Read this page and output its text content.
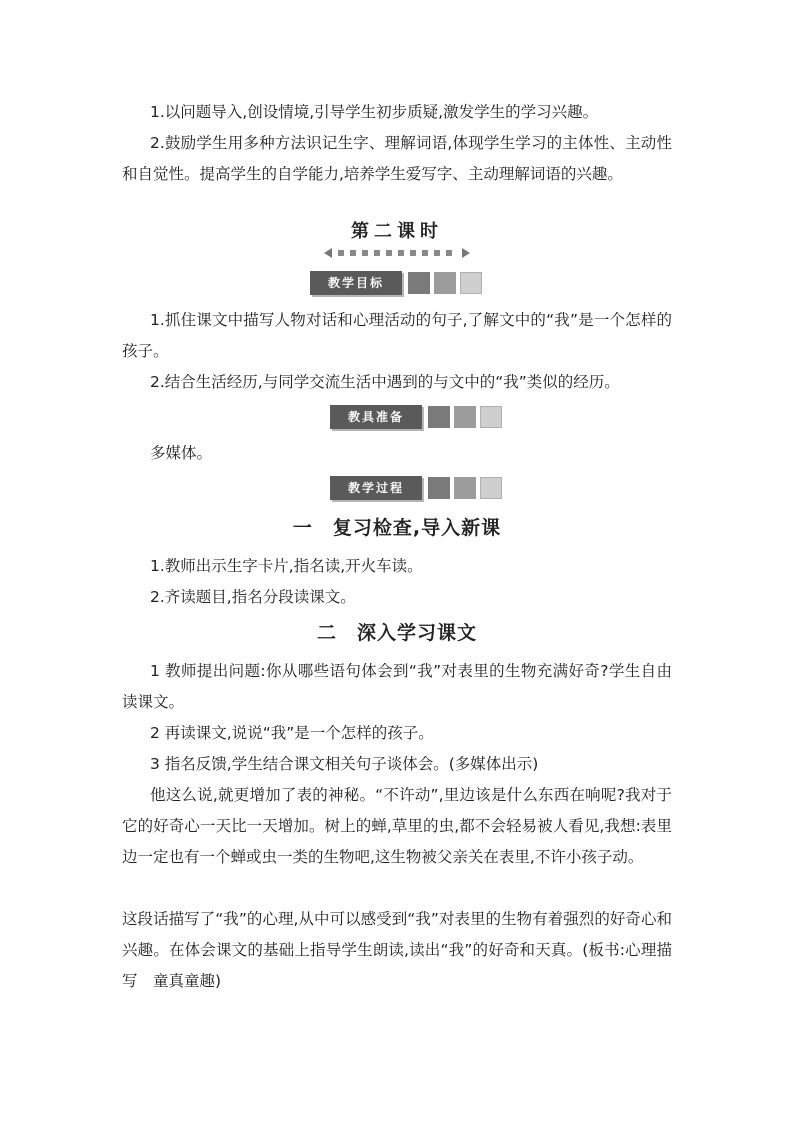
1.以问题导入,创设情境,引导学生初步质疑,激发学生的学习兴趣。

2.鼓励学生用多种方法识记生字、理解词语,体现学生学习的主体性、主动性和自觉性。提高学生的自学能力,培养学生爱写字、主动理解词语的兴趣。

第二课时
教学目标

1.抓住课文中描写人物对话和心理活动的句子,了解文中的“我”是一个怎样的孩子。

2.结合生活经历,与同学交流生活中遇到的与文中的“我”类似的经历。

教具准备

多媒体。

教学过程
一　复习检查,导入新课

1.教师出示生字卡片,指名读,开火车读。

2.齐读题目,指名分段读课文。

二　深入学习课文

1 教师提出问题:你从哪些语句体会到“我”对表里的生物充满好奇?学生自由读课文。

2 再读课文,说说“我”是一个怎样的孩子。

3 指名反馈,学生结合课文相关句子谈体会。(多媒体出示)

他这么说,就更增加了表的神秘。“不许动”,里边该是什么东西在响呢?我对于它的好奇心一天比一天增加。树上的蝉,草里的虫,都不会轻易被人看见,我想:表里边一定也有一个蝉或虫一类的生物吧,这生物被父亲关在表里,不许小孩子动。

这段话描写了“我”的心理,从中可以感受到“我”对表里的生物有着强烈的好奇心和兴趣。在体会课文的基础上指导学生朗读,读出“我”的好奇和天真。(板书:心理描写　童真童趣)
